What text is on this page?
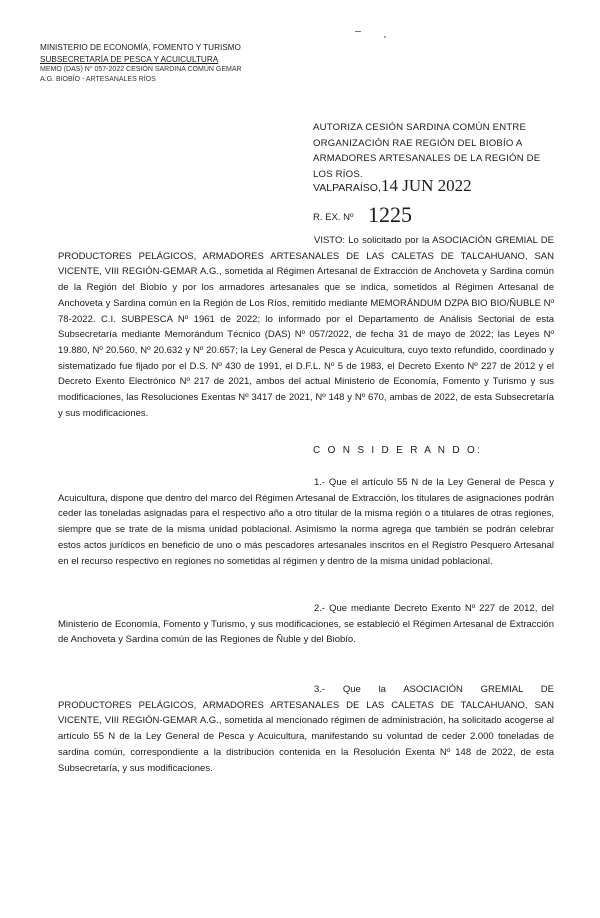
MINISTERIO DE ECONOMÍA, FOMENTO Y TURISMO
SUBSECRETARÍA DE PESCA Y ACUICULTURA
MEMO (DAS) N° 057-2022 CESIÓN SARDINA COMÚN GEMAR
A.G. BIOBÍO - ARTESANALES RÍOS
AUTORIZA CESIÓN SARDINA COMÚN ENTRE ORGANIZACIÓN RAE REGIÓN DEL BIOBÍO A ARMADORES ARTESANALES DE LA REGIÓN DE LOS RÍOS.
VALPARAÍSO, 14 JUN 2022
R. EX. Nº 1225

VISTO: Lo solicitado por la ASOCIACIÓN GREMIAL DE PRODUCTORES PELÁGICOS, ARMADORES ARTESANALES DE LAS CALETAS DE TALCAHUANO, SAN VICENTE, VIII REGIÓN-GEMAR A.G., sometida al Régimen Artesanal de Extracción de Anchoveta y Sardina común de la Región del Biobío y por los armadores artesanales que se indica, sometidos al Régimen Artesanal de Anchoveta y Sardina común en la Región de Los Ríos, remitido mediante MEMORÁNDUM DZPA BIO BIO/ÑUBLE Nº 78-2022. C.I. SUBPESCA Nº 1961 de 2022; lo informado por el Departamento de Análisis Sectorial de esta Subsecretaría mediante Memorándum Técnico (DAS) Nº 057/2022, de fecha 31 de mayo de 2022; las Leyes Nº 19.880, Nº 20.560, Nº 20.632 y Nº 20.657; la Ley General de Pesca y Acuicultura, cuyo texto refundido, coordinado y sistematizado fue fijado por el D.S. Nº 430 de 1991, el D.F.L. Nº 5 de 1983, el Decreto Exento Nº 227 de 2012 y el Decreto Exento Electrónico Nº 217 de 2021, ambos del actual Ministerio de Economía, Fomento y Turismo y sus modificaciones, las Resoluciones Exentas Nº 3417 de 2021, Nº 148 y Nº 670, ambas de 2022, de esta Subsecretaría y sus modificaciones.

C O N S I D E R A N D O:

1.- Que el artículo 55 N de la Ley General de Pesca y Acuicultura, dispone que dentro del marco del Régimen Artesanal de Extracción, los titulares de asignaciones podrán ceder las toneladas asignadas para el respectivo año a otro titular de la misma región o a titulares de otras regiones, siempre que se trate de la misma unidad poblacional. Asimismo la norma agrega que también se podrán celebrar estos actos jurídicos en beneficio de uno o más pescadores artesanales inscritos en el Registro Pesquero Artesanal en el recurso respectivo en regiones no sometidas al régimen y dentro de la misma unidad poblacional.

2.- Que mediante Decreto Exento Nº 227 de 2012, del Ministerio de Economía, Fomento y Turismo, y sus modificaciones, se estableció el Régimen Artesanal de Extracción de Anchoveta y Sardina común de las Regiones de Ñuble y del Biobío.

3.- Que la ASOCIACIÓN GREMIAL DE PRODUCTORES PELÁGICOS, ARMADORES ARTESANALES DE LAS CALETAS DE TALCAHUANO, SAN VICENTE, VIII REGIÓN-GEMAR A.G., sometida al mencionado régimen de administración, ha solicitado acogerse al artículo 55 N de la Ley General de Pesca y Acuicultura, manifestando su voluntad de ceder 2.000 toneladas de sardina común, correspondiente a la distribución contenida en la Resolución Exenta Nº 148 de 2022, de esta Subsecretaría, y sus modificaciones.
